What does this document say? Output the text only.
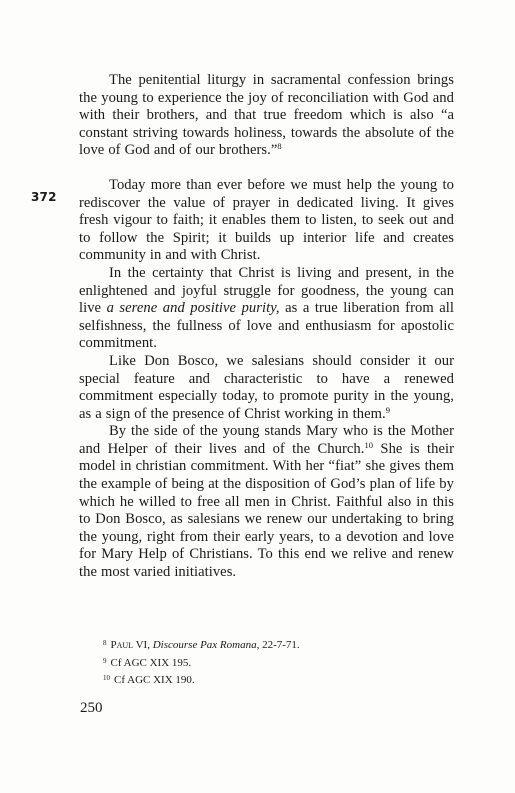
The penitential liturgy in sacramental confession brings the young to experience the joy of reconciliation with God and with their brothers, and that true freedom which is also “a constant striving towards holiness, towards the absolute of the love of God and of our brothers.”$^8$

Today more than ever before we must help the young to rediscover the value of prayer in dedicated living. It gives fresh vigour to faith; it enables them to listen, to seek out and to follow the Spirit; it builds up interior life and creates community in and with Christ.

In the certainty that Christ is living and present, in the enlightened and joyful struggle for goodness, the young can live a serene and positive purity, as a true liberation from all selfishness, the fullness of love and enthusiasm for apostolic commitment.

Like Don Bosco, we salesians should consider it our special feature and characteristic to have a renewed commitment especially today, to promote purity in the young, as a sign of the presence of Christ working in them.$^9$

By the side of the young stands Mary who is the Mother and Helper of their lives and of the Church.$^{10}$ She is their model in christian commitment. With her “fiat” she gives them the example of being at the disposition of God’s plan of life by which he willed to free all men in Christ. Faithful also in this to Don Bosco, as salesians we renew our undertaking to bring the young, right from their early years, to a devotion and love for Mary Help of Christians. To this end we relive and renew the most varied initiatives.

372
$^8$ Paul VI, Discourse Pax Romana, 22-7-71.
$^9$ Cf AGC XIX 195.
$^{10}$ Cf AGC XIX 190.
250
